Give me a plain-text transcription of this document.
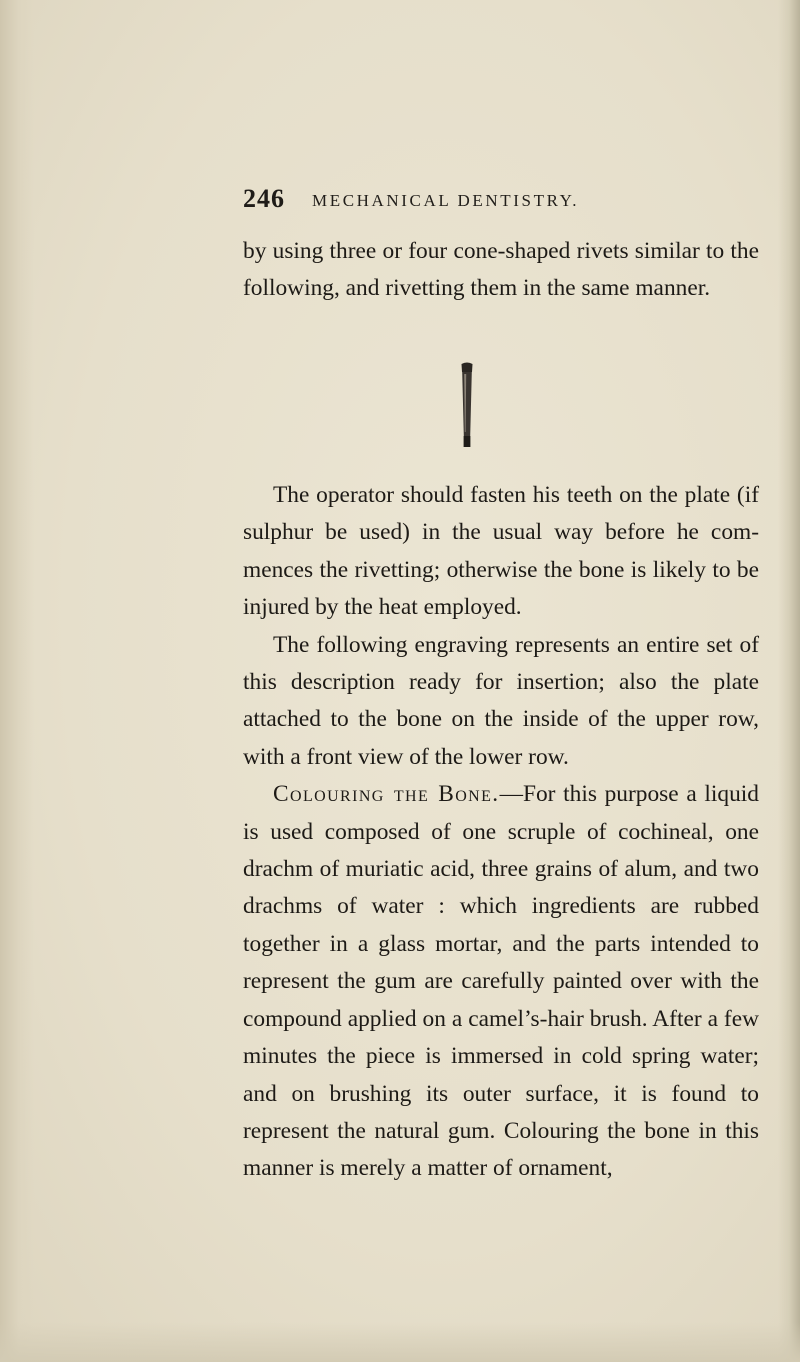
246 MECHANICAL DENTISTRY.

by using three or four cone-shaped rivets similar to the following, and rivetting them in the same manner.

The operator should fasten his teeth on the plate (if sulphur be used) in the usual way before he com-mences the rivetting; otherwise the bone is likely to be injured by the heat employed.

The following engraving represents an entire set of this description ready for insertion; also the plate attached to the bone on the inside of the upper row, with a front view of the lower row.

Colouring the Bone.—For this purpose a liquid is used composed of one scruple of cochineal, one drachm of muriatic acid, three grains of alum, and two drachms of water : which ingredients are rubbed together in a glass mortar, and the parts intended to represent the gum are carefully painted over with the compound applied on a camel’s-hair brush. After a few minutes the piece is immersed in cold spring water; and on brushing its outer surface, it is found to represent the natural gum. Colouring the bone in this manner is merely a matter of ornament,
